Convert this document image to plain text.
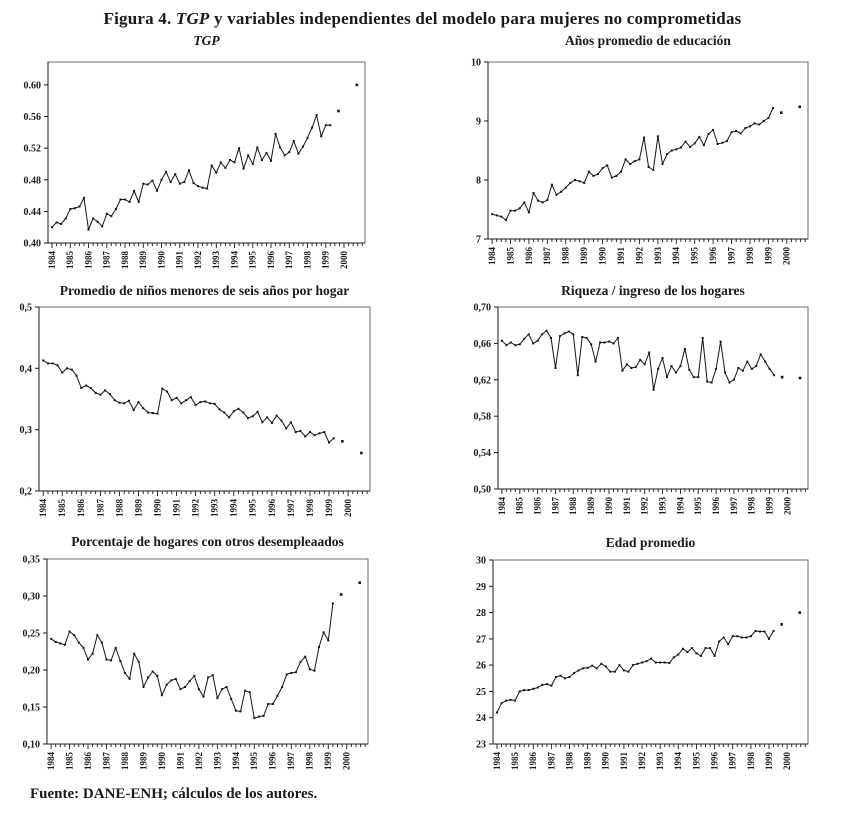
Figura 4. TGP y variables independientes del modelo para mujeres no comprometidas
TGP	Años promedio de educación
Promedio de niños menores de seis años por hogar	Riqueza / ingreso de los hogares
Porcentaje de hogares con otros desempleaados	Edad promedio
0.40
0.44
0.48
0.52
0.56
0.60
1984 1985 1986 1987 1988 1989 1990 1991 1992 1993 1994 1995 1996 1997 1998 1999 2000
7
8
9
10
1984 1985 1986 1987 1988 1989 1990 1991 1992 1993 1994 1995 1996 1997 1998 1999 2000
0,2
0,3
0,4
0,5
1984 1985 1986 1987 1988 1989 1990 1991 1992 1993 1994 1995 1996 1997 1998 1999 2000
0,50
0,54
0,58
0,62
0,66
0,70
1984 1985 1986 1987 1988 1989 1990 1991 1992 1993 1994 1995 1996 1997 1998 1999 2000
0,10
0,15
0,20
0,25
0,30
0,35
1984 1985 1986 1987 1988 1989 1990 1991 1992 1993 1994 1995 1996 1997 1998 1999 2000
23
24
25
26
27
28
29
30
1984 1985 1986 1987 1988 1989 1990 1991 1992 1993 1994 1995 1996 1997 1998 1999 2000
Fuente: DANE-ENH; cálculos de los autores.
